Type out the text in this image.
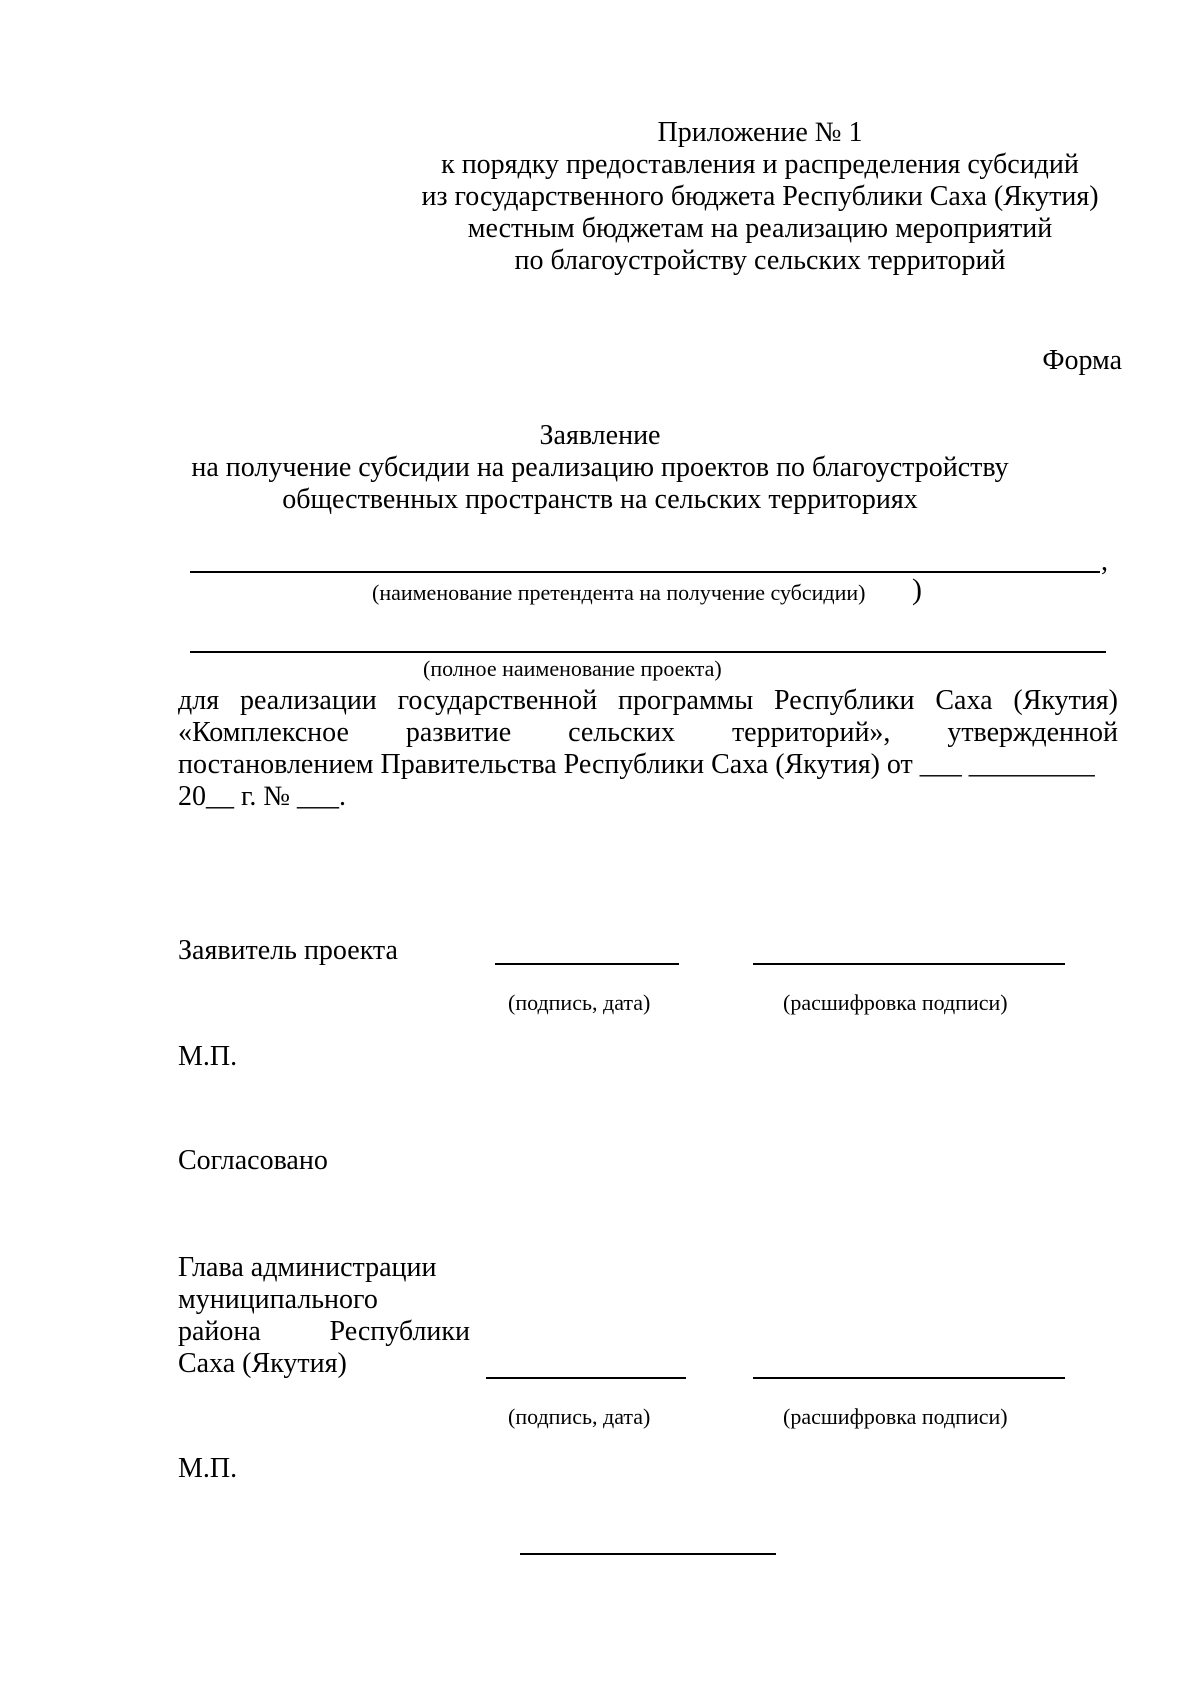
Приложение № 1
к порядку предоставления и распределения субсидий
из государственного бюджета Республики Саха (Якутия)
местным бюджетам на реализацию мероприятий
по благоустройству сельских территорий
Форма
Заявление
на получение субсидии на реализацию проектов по благоустройству
общественных пространств на сельских территориях
,
(наименование претендента на получение субсидии) )
(полное наименование проекта)
для реализации государственной программы Республики Саха (Якутия)
«Комплексное развитие сельских территорий», утвержденной
постановлением Правительства Республики Саха (Якутия) от ___ _________
20__ г. № ___.
Заявитель проекта
(подпись, дата)	(расшифровка подписи)
М.П.
Согласовано
Глава администрации
муниципального
района Республики
Саха (Якутия)
(подпись, дата)	(расшифровка подписи)
М.П.
